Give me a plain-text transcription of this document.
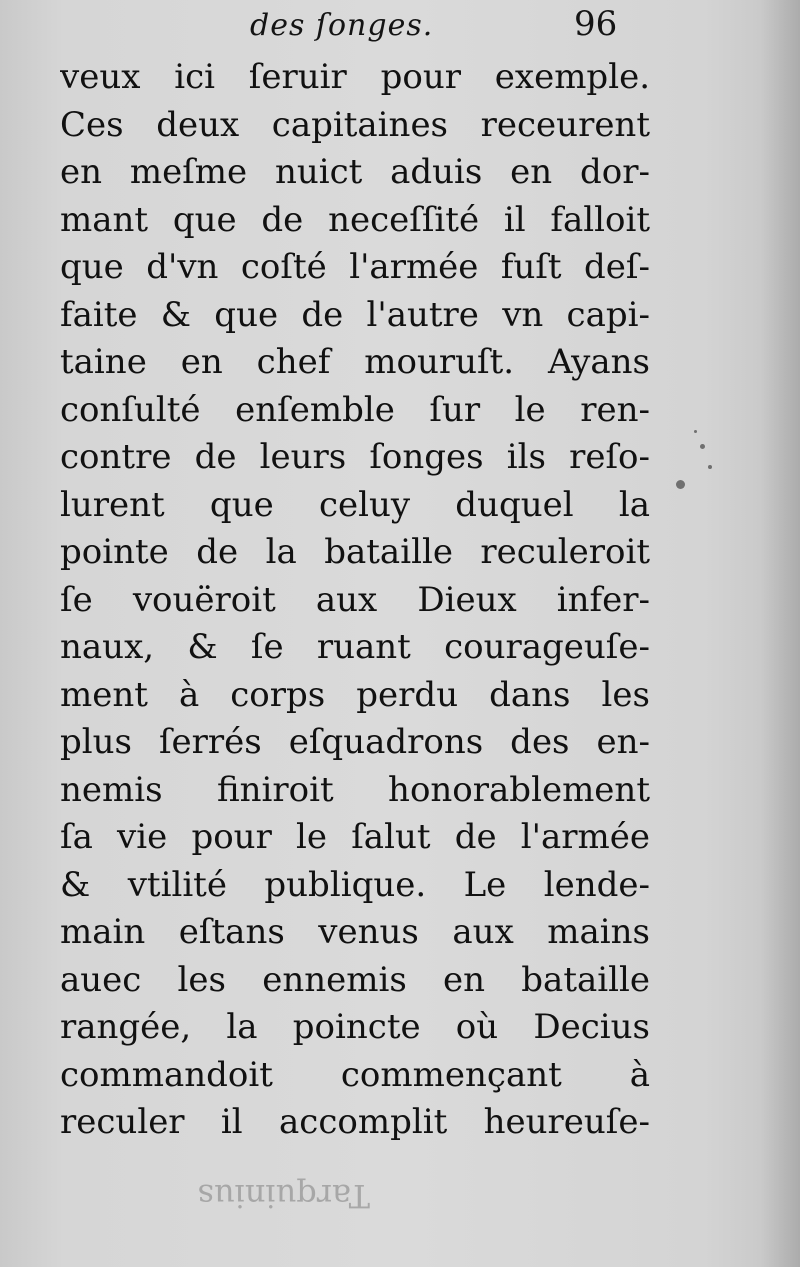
des ſonges.	96
veux ici ſeruir pour exemple.
Ces deux capitaines receurent
en meſme nuict aduis en dor-
mant que de neceſſité il falloit
que d'vn coſté l'armée fuſt deſ-
faite & que de l'autre vn capi-
taine en chef mouruſt. Ayans
conſulté enſemble ſur le ren-
contre de leurs ſonges ils reſo-
lurent que celuy duquel la
pointe de la bataille reculeroit
ſe vouëroit aux Dieux infer-
naux, & ſe ruant courageuſe-
ment à corps perdu dans les
plus ſerrés eſquadrons des en-
nemis finiroit honorablement
ſa vie pour le ſalut de l'armée
& vtilité publique. Le lende-
main eſtans venus aux mains
auec les ennemis en bataille
rangée, la poincte où Decius
commandoit commençant à
reculer il accomplit heureuſe-
Tarquinius
